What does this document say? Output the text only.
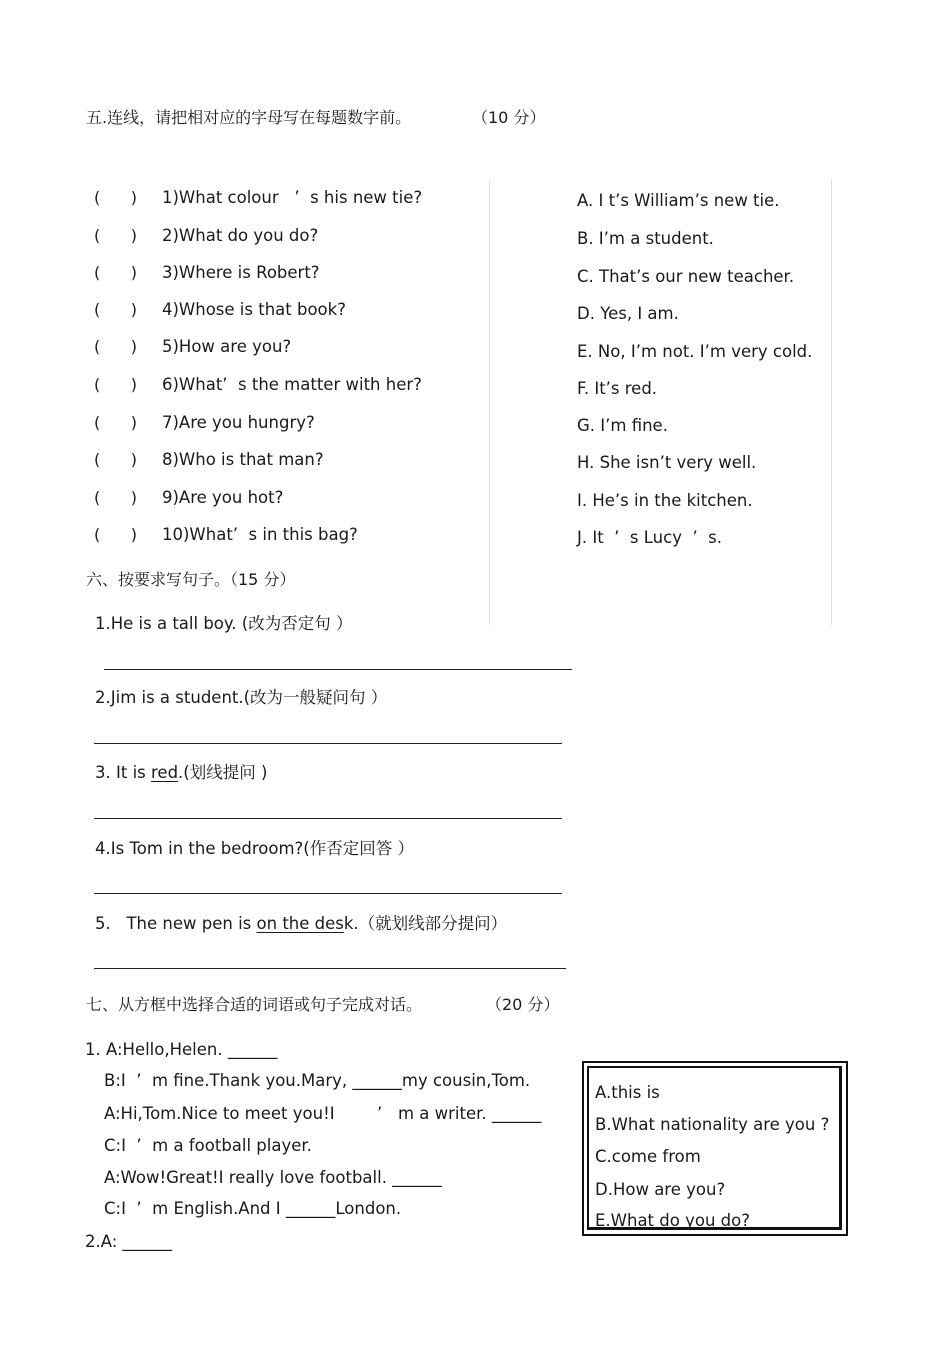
五.连线，请把相对应的字母写在每题数字前。	（10 分）
(      ) 1)What colour   ’  s his new tie?
(      ) 2)What do you do?
(      ) 3)Where is Robert?
(      ) 4)Whose is that book?
(      ) 5)How are you?
(      ) 6)What’  s the matter with her?
(      ) 7)Are you hungry?
(      ) 8)Who is that man?
(      ) 9)Are you hot?
(      ) 10)What’  s in this bag?
A. I t’s William’s new tie.
B. I’m a student.
C. That’s our new teacher.
D. Yes, I am.
E. No, I’m not. I’m very cold.
F. It’s red.
G. I’m fine.
H. She isn’t very well.
I. He’s in the kitchen.
J. It  ’  s Lucy  ’  s.
六、按要求写句子。（15 分）
1.He is a tall boy. (改为否定句 ）
2.Jim is a student.(改为一般疑问句 ）
3. It is red.(划线提问 )
4.Is Tom in the bedroom?(作否定回答 ）
5.   The new pen is on the desk.（就划线部分提问）
七、从方框中选择合适的词语或句子完成对话。	（20 分）
1. A:Hello,Helen. ______
B:I  ’  m fine.Thank you.Mary, ______my cousin,Tom.
A:Hi,Tom.Nice to meet you!I	’   m a writer. ______
C:I  ’  m a football player.
A:Wow!Great!I really love football. ______
C:I  ’  m English.And I ______London.
2.A: ______
A.this is
B.What nationality are you ?
C.come from
D.How are you?
E.What do you do?
